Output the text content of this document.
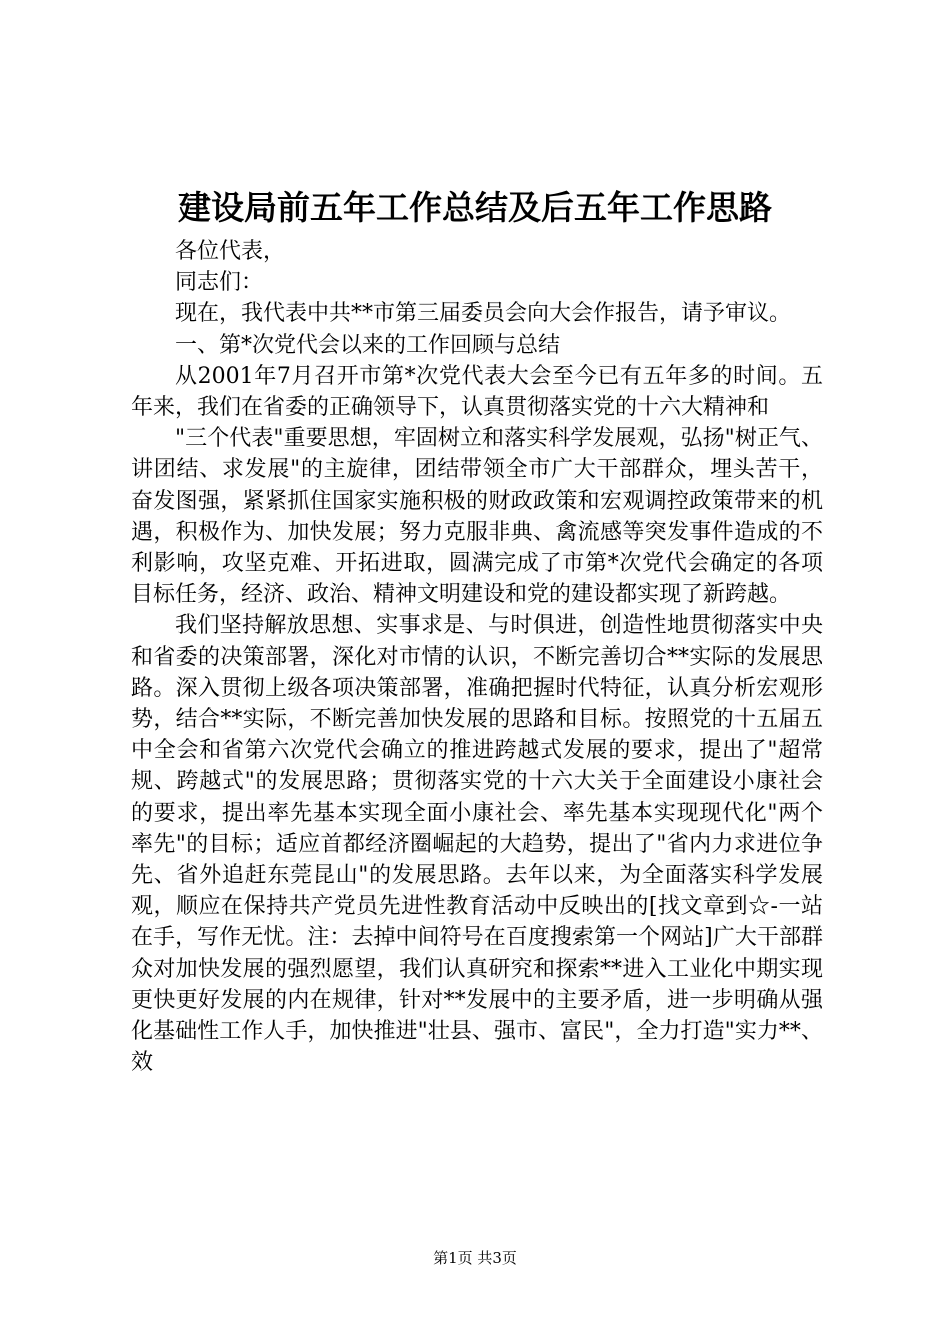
建设局前五年工作总结及后五年工作思路

各位代表，

同志们：

现在，我代表中共**市第三届委员会向大会作报告，请予审议。

一、第*次党代会以来的工作回顾与总结

从2001年7月召开市第*次党代表大会至今已有五年多的时间。五年来，我们在省委的正确领导下，认真贯彻落实党的十六大精神和

"三个代表"重要思想，牢固树立和落实科学发展观，弘扬"树正气、讲团结、求发展"的主旋律，团结带领全市广大干部群众，埋头苦干，奋发图强，紧紧抓住国家实施积极的财政政策和宏观调控政策带来的机遇，积极作为、加快发展；努力克服非典、禽流感等突发事件造成的不利影响，攻坚克难、开拓进取，圆满完成了市第*次党代会确定的各项目标任务，经济、政治、精神文明建设和党的建设都实现了新跨越。

我们坚持解放思想、实事求是、与时俱进，创造性地贯彻落实中央和省委的决策部署，深化对市情的认识，不断完善切合**实际的发展思路。深入贯彻上级各项决策部署，准确把握时代特征，认真分析宏观形势，结合**实际，不断完善加快发展的思路和目标。按照党的十五届五中全会和省第六次党代会确立的推进跨越式发展的要求，提出了"超常规、跨越式"的发展思路；贯彻落实党的十六大关于全面建设小康社会的要求，提出率先基本实现全面小康社会、率先基本实现现代化"两个率先"的目标；适应首都经济圈崛起的大趋势，提出了"省内力求进位争先、省外追赶东莞昆山"的发展思路。去年以来，为全面落实科学发展观，顺应在保持共产党员先进性教育活动中反映出的[找文章到☆-一站在手，写作无忧。注：去掉中间符号在百度搜索第一个网站]广大干部群众对加快发展的强烈愿望，我们认真研究和探索**进入工业化中期实现更快更好发展的内在规律，针对**发展中的主要矛盾，进一步明确从强化基础性工作人手，加快推进"壮县、强市、富民"，全力打造"实力**、效

第1页 共3页
